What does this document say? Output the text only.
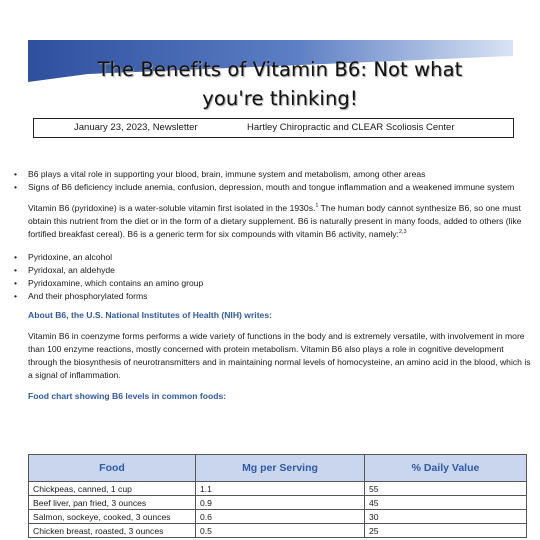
The Benefits of Vitamin B6: Not what
you're thinking!
January 23, 2023, Newsletter	Hartley Chiropractic and CLEAR Scoliosis Center
• B6 plays a vital role in supporting your blood, brain, immune system and metabolism, among other areas
• Signs of B6 deficiency include anemia, confusion, depression, mouth and tongue inflammation and a weakened immune system

Vitamin B6 (pyridoxine) is a water-soluble vitamin first isolated in the 1930s.$^1$ The human body cannot synthesize B6, so one must obtain this nutrient from the diet or in the form of a dietary supplement. B6 is naturally present in many foods, added to others (like fortified breakfast cereal). B6 is a generic term for six compounds with vitamin B6 activity, namely:$^{2,3}$

• Pyridoxine, an alcohol
• Pyridoxal, an aldehyde
• Pyridoxamine, which contains an amino group
• And their phosphorylated forms
About B6, the U.S. National Institutes of Health (NIH) writes:

Vitamin B6 in coenzyme forms performs a wide variety of functions in the body and is extremely versatile, with involvement in more than 100 enzyme reactions, mostly concerned with protein metabolism. Vitamin B6 also plays a role in cognitive development through the biosynthesis of neurotransmitters and in maintaining normal levels of homocysteine, an amino acid in the blood, which is a signal of inflammation.

Food chart showing B6 levels in common foods:
Food	Mg per Serving	% Daily Value
Chickpeas, canned, 1 cup	1.1	55
Beef liver, pan fried, 3 ounces	0.9	45
Salmon, sockeye, cooked, 3 ounces	0.6	30
Chicken breast, roasted, 3 ounces	0.5	25
